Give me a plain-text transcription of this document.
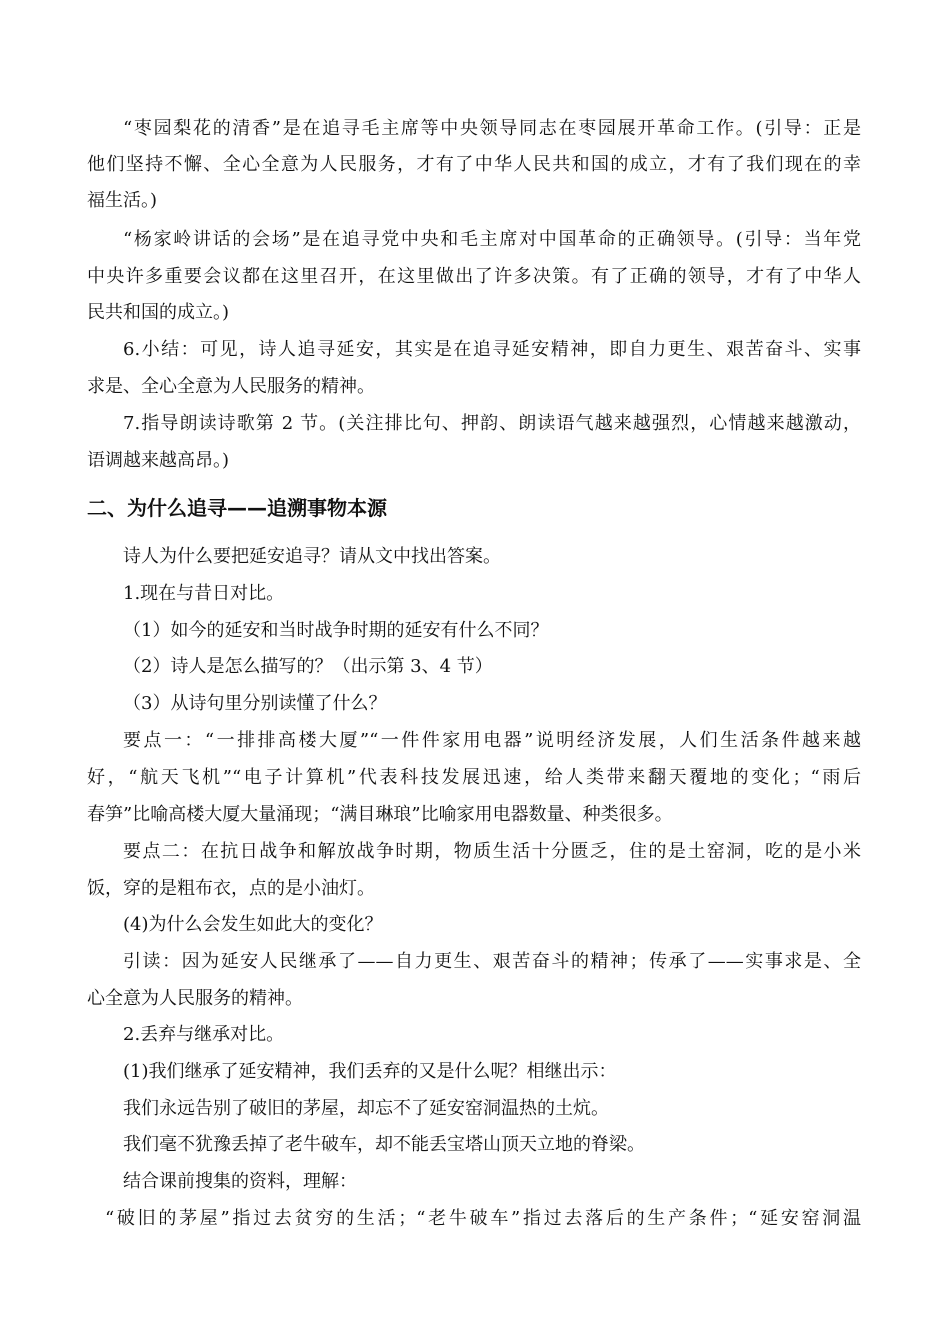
“枣园梨花的清香”是在追寻毛主席等中央领导同志在枣园展开革命工作。(引导：正是
他们坚持不懈、全心全意为人民服务，才有了中华人民共和国的成立，才有了我们现在的幸
福生活。)
“杨家岭讲话的会场”是在追寻党中央和毛主席对中国革命的正确领导。(引导：当年党
中央许多重要会议都在这里召开，在这里做出了许多决策。有了正确的领导，才有了中华人
民共和国的成立。)
6.小结：可见，诗人追寻延安，其实是在追寻延安精神，即自力更生、艰苦奋斗、实事
求是、全心全意为人民服务的精神。
7.指导朗读诗歌第 2 节。(关注排比句、押韵、朗读语气越来越强烈，心情越来越激动，
语调越来越高昂。)
二、为什么追寻——追溯事物本源
诗人为什么要把延安追寻？请从文中找出答案。
1.现在与昔日对比。
（1）如今的延安和当时战争时期的延安有什么不同？
（2）诗人是怎么描写的？（出示第 3、4 节）
（3）从诗句里分别读懂了什么？
要点一：“一排排高楼大厦”“一件件家用电器”说明经济发展，人们生活条件越来越
好，“航天飞机”“电子计算机”代表科技发展迅速，给人类带来翻天覆地的变化；“雨后
春笋”比喻高楼大厦大量涌现；“满目琳琅”比喻家用电器数量、种类很多。
要点二：在抗日战争和解放战争时期，物质生活十分匮乏，住的是土窑洞，吃的是小米
饭，穿的是粗布衣，点的是小油灯。
(4)为什么会发生如此大的变化？
引读：因为延安人民继承了——自力更生、艰苦奋斗的精神；传承了——实事求是、全
心全意为人民服务的精神。
2.丢弃与继承对比。
(1)我们继承了延安精神，我们丢弃的又是什么呢？相继出示：
我们永远告别了破旧的茅屋，却忘不了延安窑洞温热的土炕。
我们毫不犹豫丢掉了老牛破车，却不能丢宝塔山顶天立地的脊梁。
结合课前搜集的资料，理解：
“破旧的茅屋”指过去贫穷的生活；“老牛破车”指过去落后的生产条件；“延安窑洞温
